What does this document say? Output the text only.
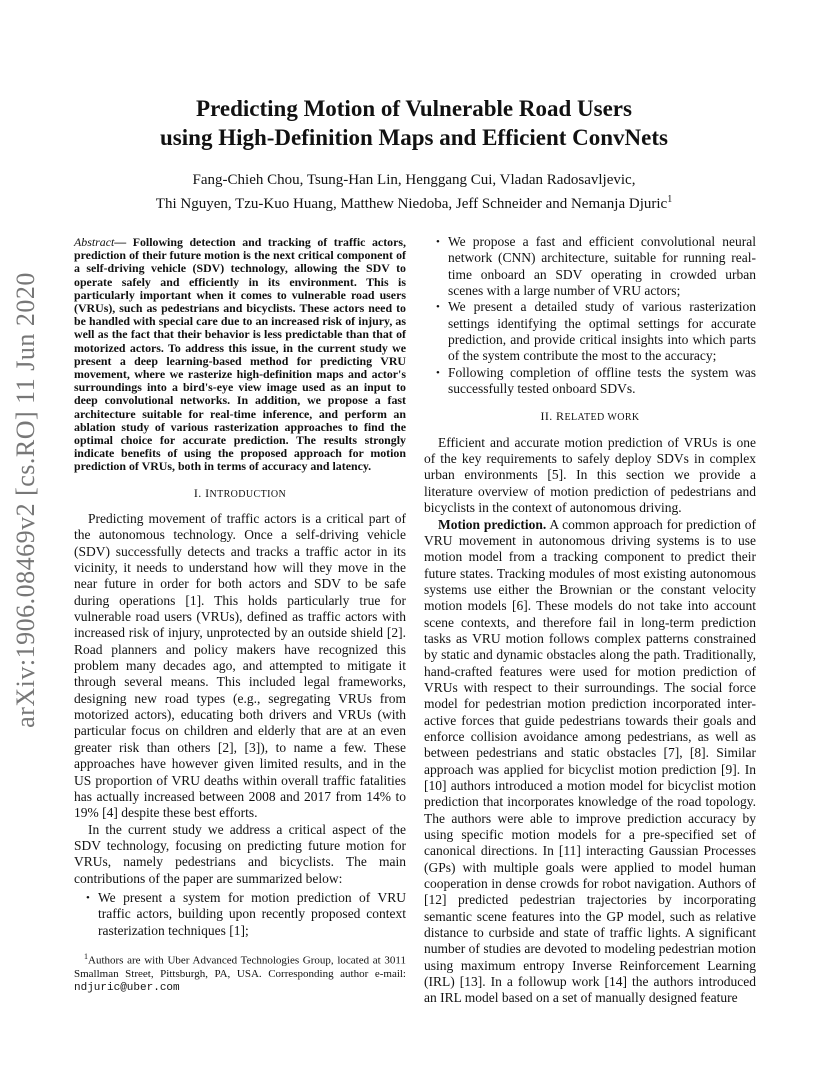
arXiv:1906.08469v2 [cs.RO] 11 Jun 2020
Predicting Motion of Vulnerable Road Users
using High-Definition Maps and Efficient ConvNets
Fang-Chieh Chou, Tsung-Han Lin, Henggang Cui, Vladan Radosavljevic,
Thi Nguyen, Tzu-Kuo Huang, Matthew Niedoba, Jeff Schneider and Nemanja Djuric$^1$
Abstract— Following detection and tracking of traffic actors, prediction of their future motion is the next critical component of a self-driving vehicle (SDV) technology, allowing the SDV to operate safely and efficiently in its environment. This is particularly important when it comes to vulnerable road users (VRUs), such as pedestrians and bicyclists. These actors need to be handled with special care due to an increased risk of injury, as well as the fact that their behavior is less predictable than that of motorized actors. To address this issue, in the current study we present a deep learning-based method for predicting VRU movement, where we rasterize high-definition maps and actor's surroundings into a bird's-eye view image used as an input to deep convolutional networks. In addition, we propose a fast architecture suitable for real-time inference, and perform an ablation study of various rasterization approaches to find the optimal choice for accurate prediction. The results strongly indicate benefits of using the proposed approach for motion prediction of VRUs, both in terms of accuracy and latency.
I. INTRODUCTION

Predicting movement of traffic actors is a critical part of the autonomous technology. Once a self-driving vehicle (SDV) successfully detects and tracks a traffic actor in its vicinity, it needs to understand how will they move in the near future in order for both actors and SDV to be safe during operations [1]. This holds particularly true for vulnerable road users (VRUs), defined as traffic actors with increased risk of injury, unprotected by an outside shield [2]. Road planners and policy makers have recognized this problem many decades ago, and attempted to mitigate it through several means. This included legal frameworks, designing new road types (e.g., segregating VRUs from motorized actors), educating both drivers and VRUs (with particular focus on children and elderly that are at an even greater risk than others [2], [3]), to name a few. These approaches have however given limited results, and in the US proportion of VRU deaths within overall traffic fatalities has actually increased between 2008 and 2017 from 14% to 19% [4] despite these best efforts.

In the current study we address a critical aspect of the SDV technology, focusing on predicting future motion for VRUs, namely pedestrians and bicyclists. The main contributions of the paper are summarized below:

• We present a system for motion prediction of VRU traffic actors, building upon recently proposed context rasterization techniques [1];
• We propose a fast and efficient convolutional neural network (CNN) architecture, suitable for running real-time onboard an SDV operating in crowded urban scenes with a large number of VRU actors;
• We present a detailed study of various rasterization settings identifying the optimal settings for accurate prediction, and provide critical insights into which parts of the system contribute the most to the accuracy;
• Following completion of offline tests the system was successfully tested onboard SDVs.
II. RELATED WORK

Efficient and accurate motion prediction of VRUs is one of the key requirements to safely deploy SDVs in complex urban environments [5]. In this section we provide a literature overview of motion prediction of pedestrians and bicyclists in the context of autonomous driving.

Motion prediction. A common approach for prediction of VRU movement in autonomous driving systems is to use motion model from a tracking component to predict their future states. Tracking modules of most existing autonomous systems use either the Brownian or the constant velocity motion models [6]. These models do not take into account scene contexts, and therefore fail in long-term prediction tasks as VRU motion follows complex patterns constrained by static and dynamic obstacles along the path. Traditionally, hand-crafted features were used for motion prediction of VRUs with respect to their surroundings. The social force model for pedestrian motion prediction incorporated inter-active forces that guide pedestrians towards their goals and enforce collision avoidance among pedestrians, as well as between pedestrians and static obstacles [7], [8]. Similar approach was applied for bicyclist motion prediction [9]. In [10] authors introduced a motion model for bicyclist motion prediction that incorporates knowledge of the road topology. The authors were able to improve prediction accuracy by using specific motion models for a pre-specified set of canonical directions. In [11] interacting Gaussian Processes (GPs) with multiple goals were applied to model human cooperation in dense crowds for robot navigation. Authors of [12] predicted pedestrian trajectories by incorporating semantic scene features into the GP model, such as relative distance to curbside and state of traffic lights. A significant number of studies are devoted to modeling pedestrian motion using maximum entropy Inverse Reinforcement Learning (IRL) [13]. In a followup work [14] the authors introduced an IRL model based on a set of manually designed feature

$^1$Authors are with Uber Advanced Technologies Group, located at 3011 Smallman Street, Pittsburgh, PA, USA. Corresponding author e-mail: ndjuric@uber.com
